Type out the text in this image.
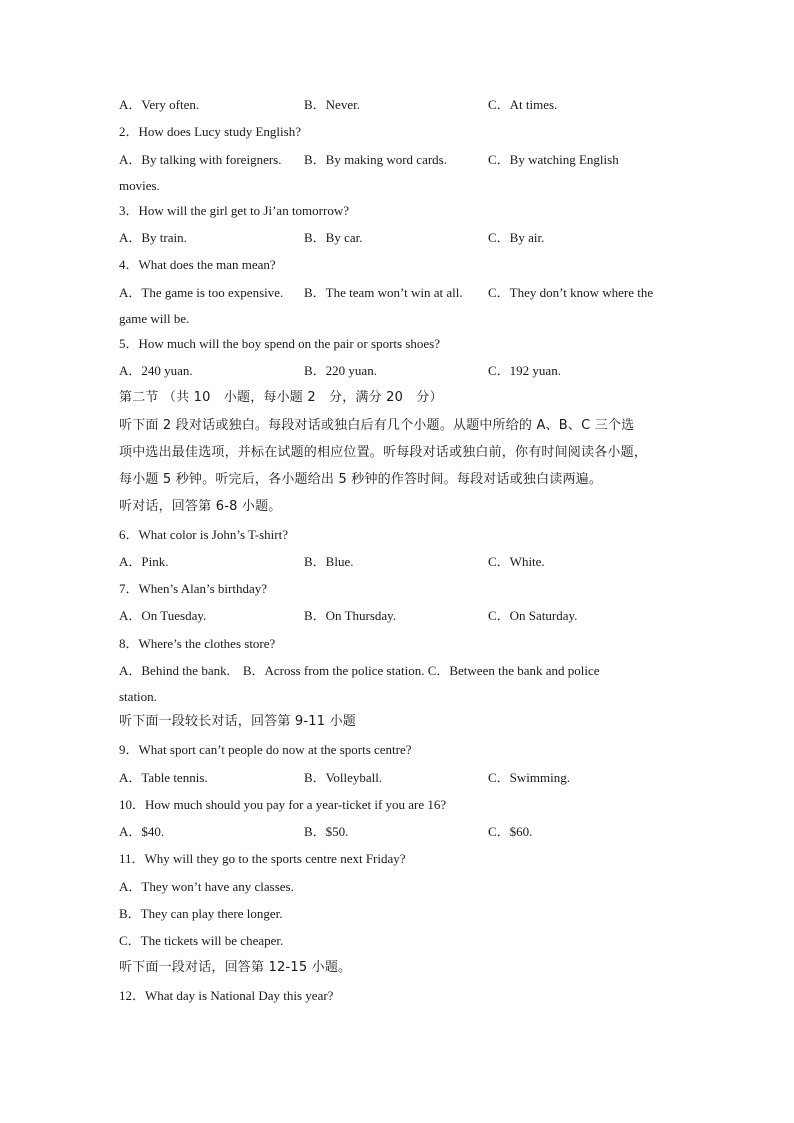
A．Very often.	B．Never.	C．At times.
2．How does Lucy study English?
A．By talking with foreigners. B．By making word cards.	C．By watching English
movies.
3．How will the girl get to Ji’an tomorrow?
A．By train.	B．By car.	C．By air.
4．What does the man mean?
A．The game is too expensive. B．The team won’t win at all. C．They don’t know where the
game will be.
5．How much will the boy spend on the pair or sports shoes?
A．240 yuan.	B．220 yuan.	C．192 yuan.
第二节 （共 10　小题，每小题 2　分，满分 20　分）
听下面 2 段对话或独白。每段对话或独白后有几个小题。从题中所给的 A、B、C 三个选
项中选出最佳选项，并标在试题的相应位置。听每段对话或独白前，你有时间阅读各小题，
每小题 5 秒钟。听完后，各小题给出 5 秒钟的作答时间。每段对话或独白读两遍。
听对话，回答第 6-8 小题。
6．What color is John’s T-shirt?
A．Pink.	B．Blue.	C．White.
7．When’s Alan’s birthday?
A．On Tuesday.	B．On Thursday.	C．On Saturday.
8．Where’s the clothes store?
A．Behind the bank.　B．Across from the police station. C．Between the bank and police
station.
听下面一段较长对话，回答第 9-11 小题
9．What sport can’t people do now at the sports centre?
A．Table tennis.	B．Volleyball.	C．Swimming.
10．How much should you pay for a year-ticket if you are 16?
A．$40.	B．$50.	C．$60.
11．Why will they go to the sports centre next Friday?
A．They won’t have any classes.
B．They can play there longer.
C．The tickets will be cheaper.
听下面一段对话，回答第 12-15 小题。
12．What day is National Day this year?
